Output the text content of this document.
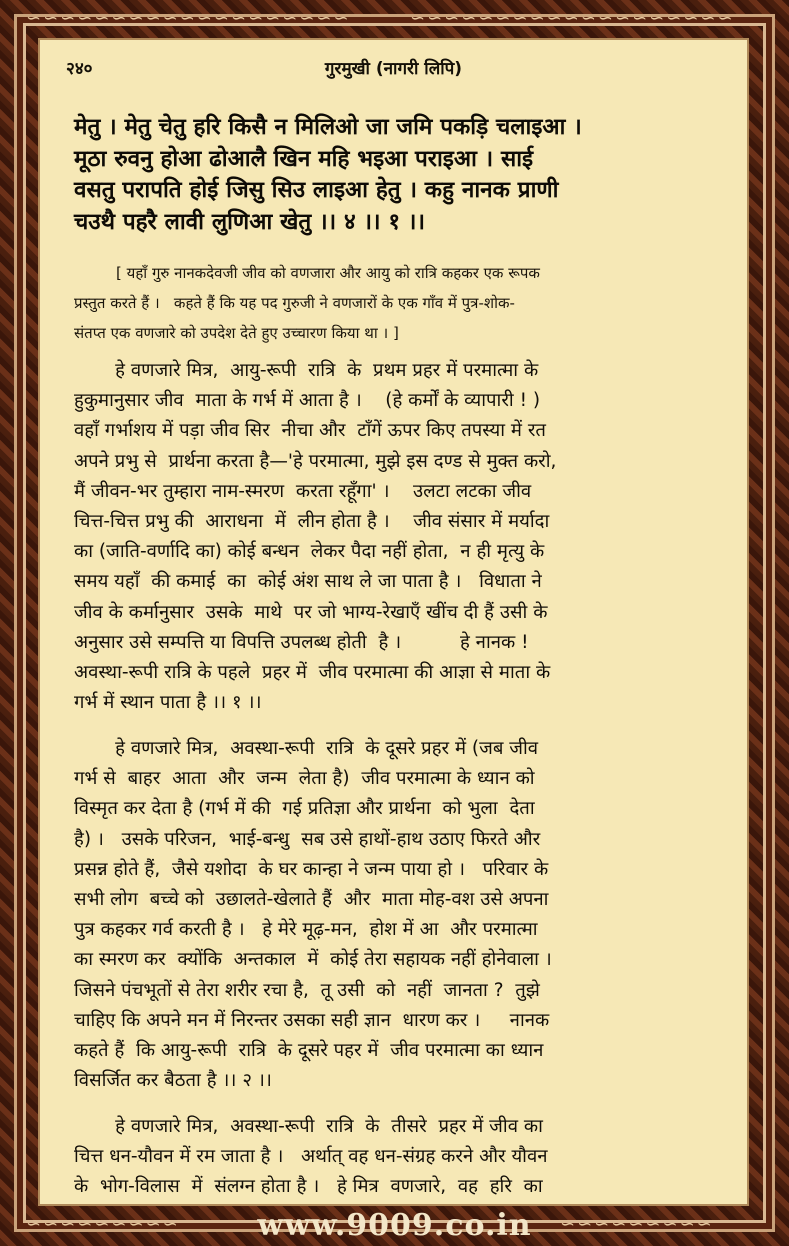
∽∽∽∽∽∽∽∽∽∽∽∽∽∽∽∽∽∽∽	∽∽∽∽∽∽∽∽∽∽∽∽∽∽∽∽∽∽∽
∽∽∽∽∽∽∽∽∽	∽∽∽∽∽∽∽∽∽
२४०	गुरमुखी (नागरी लिपि)
मेतु । मेतु चेतु हरि किसै न मिलिओ जा जमि पकड़ि चलाइआ ।
मूठा रुवनु होआ ढोआलै खिन महि भइआ पराइआ । साई
वसतु परापति होई जिसु सिउ लाइआ हेतु । कहु नानक प्राणी
चउथै पहरै लावी लुणिआ खेतु ।। ४ ।। १ ।।
[ यहाँ गुरु नानकदेवजी जीव को वणजारा और आयु को रात्रि कहकर एक रूपक
प्रस्तुत करते हैं ।   कहते हैं कि यह पद गुरुजी ने वणजारों के एक गाँव में पुत्र-शोक-
संतप्त एक वणजारे को उपदेश देते हुए उच्चारण किया था । ]
हे वणजारे मित्र,  आयु-रूपी  रात्रि  के  प्रथम प्रहर में परमात्मा के
हुकुमानुसार जीव  माता के गर्भ में आता है ।    (हे कर्मों के व्यापारी ! )
वहाँ गर्भाशय में पड़ा जीव सिर  नीचा और  टाँगें ऊपर किए तपस्या में रत
अपने प्रभु से  प्रार्थना करता है—'हे परमात्मा, मुझे इस दण्ड से मुक्त करो,
मैं जीवन-भर तुम्हारा नाम-स्मरण  करता रहूँगा' ।    उलटा लटका जीव
चित्त-चित्त प्रभु की  आराधना  में  लीन होता है ।    जीव संसार में मर्यादा
का (जाति-वर्णादि का) कोई बन्धन  लेकर पैदा नहीं होता,  न ही मृत्यु के
समय यहाँ  की कमाई  का  कोई अंश साथ ले जा पाता है ।   विधाता ने
जीव के कर्मानुसार  उसके  माथे  पर जो भाग्य-रेखाएँ खींच दी हैं उसी के
अनुसार उसे सम्पत्ति या विपत्ति उपलब्ध होती  है ।          हे नानक !
अवस्था-रूपी रात्रि के पहले  प्रहर में  जीव परमात्मा की आज्ञा से माता के
गर्भ में स्थान पाता है ।। १ ।।
हे वणजारे मित्र,  अवस्था-रूपी  रात्रि  के दूसरे प्रहर में (जब जीव
गर्भ से  बाहर  आता  और  जन्म  लेता है)  जीव परमात्मा के ध्यान को
विस्मृत कर देता है (गर्भ में की  गई प्रतिज्ञा और प्रार्थना  को भुला  देता
है) ।   उसके परिजन,  भाई-बन्धु  सब उसे हाथों-हाथ उठाए फिरते और
प्रसन्न होते हैं,  जैसे यशोदा  के घर कान्हा ने जन्म पाया हो ।   परिवार के
सभी लोग  बच्चे को  उछालते-खेलाते हैं  और  माता मोह-वश उसे अपना
पुत्र कहकर गर्व करती है ।   हे मेरे मूढ़-मन,  होश में आ  और परमात्मा
का स्मरण कर  क्योंकि  अन्तकाल  में  कोई तेरा सहायक नहीं होनेवाला ।
जिसने पंचभूतों से तेरा शरीर रचा है,  तू उसी  को  नहीं  जानता ?  तुझे
चाहिए कि अपने मन में निरन्तर उसका सही ज्ञान  धारण कर ।     नानक
कहते हैं  कि आयु-रूपी  रात्रि  के दूसरे पहर में  जीव परमात्मा का ध्यान
विसर्जित कर बैठता है ।। २ ।।
हे वणजारे मित्र,  अवस्था-रूपी  रात्रि  के  तीसरे  प्रहर में जीव का
चित्त धन-यौवन में रम जाता है ।   अर्थात् वह धन-संग्रह करने और यौवन
के  भोग-विलास  में  संलग्न होता है ।   हे मित्र  वणजारे,  वह  हरि  का
www.9009.co.in
